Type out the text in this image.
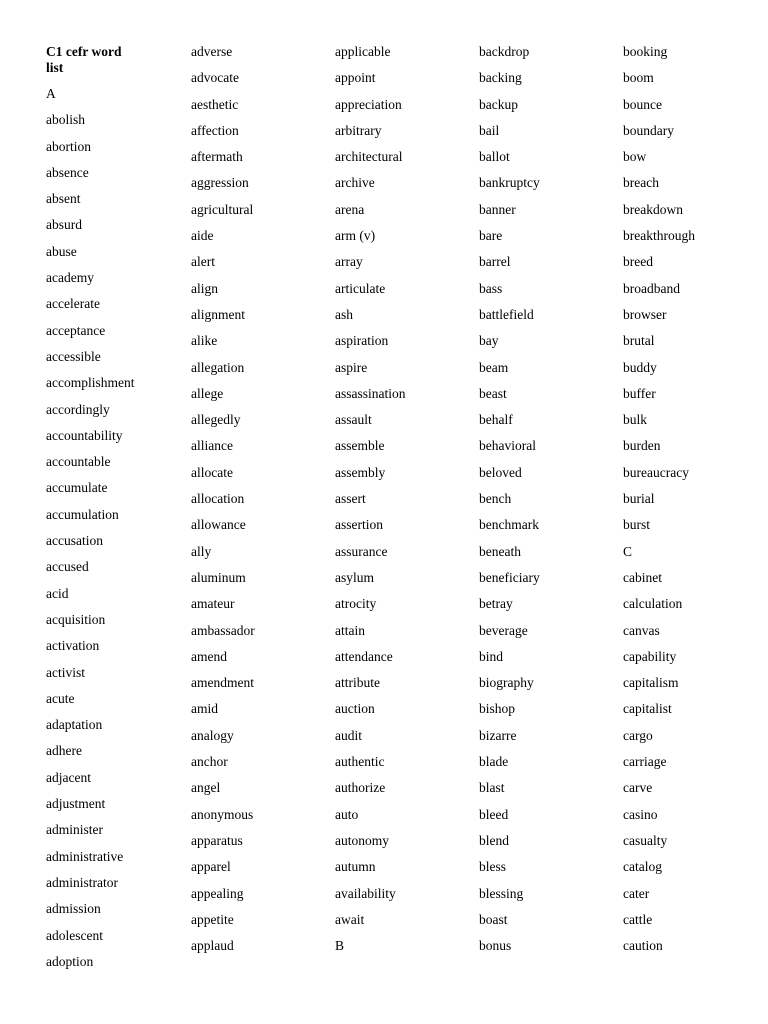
C1 cefr word list
A
abolish
abortion
absence
absent
absurd
abuse
academy
accelerate
acceptance
accessible
accomplishment
accordingly
accountability
accountable
accumulate
accumulation
accusation
accused
acid
acquisition
activation
activist
acute
adaptation
adhere
adjacent
adjustment
administer
administrative
administrator
admission
adolescent
adoption
adverse
advocate
aesthetic
affection
aftermath
aggression
agricultural
aide
alert
align
alignment
alike
allegation
allege
allegedly
alliance
allocate
allocation
allowance
ally
aluminum
amateur
ambassador
amend
amendment
amid
analogy
anchor
angel
anonymous
apparatus
apparel
appealing
appetite
applaud
applicable
appoint
appreciation
arbitrary
architectural
archive
arena
arm (v)
array
articulate
ash
aspiration
aspire
assassination
assault
assemble
assembly
assert
assertion
assurance
asylum
atrocity
attain
attendance
attribute
auction
audit
authentic
authorize
auto
autonomy
autumn
availability
await
B
backdrop
backing
backup
bail
ballot
bankruptcy
banner
bare
barrel
bass
battlefield
bay
beam
beast
behalf
behavioral
beloved
bench
benchmark
beneath
beneficiary
betray
beverage
bind
biography
bishop
bizarre
blade
blast
bleed
blend
bless
blessing
boast
bonus
booking
boom
bounce
boundary
bow
breach
breakdown
breakthrough
breed
broadband
browser
brutal
buddy
buffer
bulk
burden
bureaucracy
burial
burst
C
cabinet
calculation
canvas
capability
capitalism
capitalist
cargo
carriage
carve
casino
casualty
catalog
cater
cattle
caution
